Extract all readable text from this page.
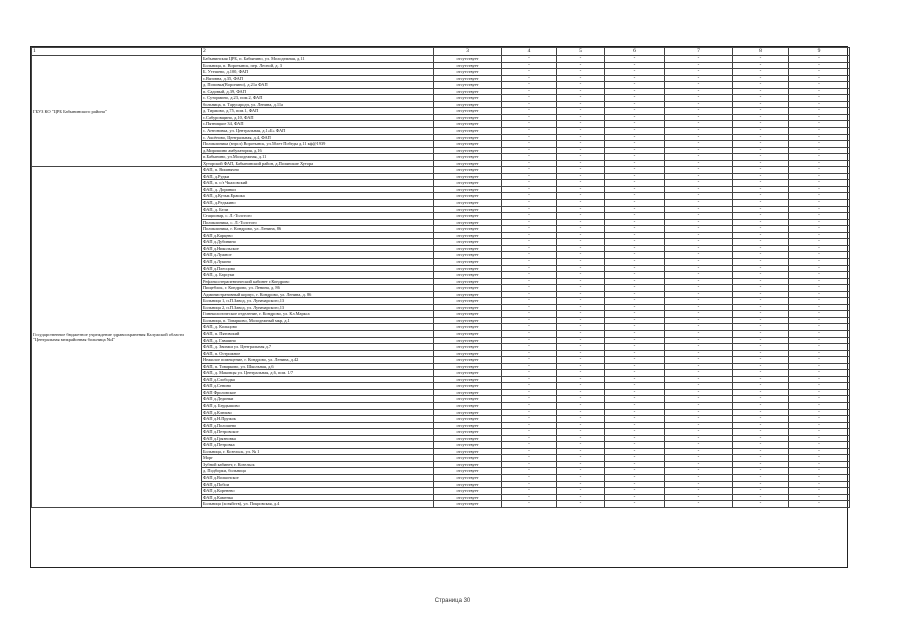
1	2	3	4	5	6	7	8	9
ГБУЗ КО "ЦРБ Бабынинского района"	Бабынинская ЦРБ, п. Бабынино, ул. Молодежная, д.11	отсутствует	-	-	-	-	-	-
	Больница, п. Воротынск, пер. Лесной, д. 3	отсутствует	-	-	-	-	-	-
	Б. Утешево, д.100, ФАП	отсутствует	-	-	-	-	-	-
	с.Вязовна, д.35, ФАП	отсутствует	-	-	-	-	-	-
	д. Поповка(Воронино), д.21а ФАП	отсутствует	-	-	-	-	-	-
	п. Садовый, д.39, ФАП	отсутствует	-	-	-	-	-	-
	с. Сутормино, д.23, пом.2, ФАП	отсутствует	-	-	-	-	-	-
	больница, п. Тарусародч, ул. Ленина, д.11а	отсутствует	-	-	-	-	-	-
	д. Тиржово, д.75, пом.1, ФАП	отсутствует	-	-	-	-	-	-
	с.Сабуровщино, д.10, ФАП	отсутствует	-	-	-	-	-	-
	с.Пятницкое 34, ФАП	отсутствует	-	-	-	-	-	-
	с. Антоновка, ул. Центральная, д.1«Б» ФАП	отсутствует	-	-	-	-	-	-
	с. Аксёново, Центральная, д.4, ФАП	отсутствует	-	-	-	-	-	-
	Поликлиника (взрсл) Воротынск, ул.50лет Победы д.11 кф@1939	отсутствует	-	-	-	-	-	-
	д.Мирошино амбулатория, д.16	отсутствует	-	-	-	-	-	-
	п.Бабынино, ул.Молодежная, д.11	отсутствует	-	-	-	-	-	-
	Хуторской ФАП, Бабынинский район, д.Полянские Хутора	отсутствует	-	-	-	-	-	-
Государственное бюджетное учреждение здравоохранения Калужской области "Центральная межрайонная больница №4"	ФАП, п. Вишнячно	отсутствует	-	-	-	-	-	-
	ФАП, д.Рудки	отсутствует	-	-	-	-	-	-
	ФАП, п. с/з Чкаловский	отсутствует	-	-	-	-	-	-
	ФАП, д. Доринки	отсутствует	-	-	-	-	-	-
	ФАП, д.Кузьм.Ерашка	отсутствует	-	-	-	-	-	-
	ФАП, д.Редькино	отсутствует	-	-	-	-	-	-
	ФАП, д. Бели	отсутствует	-	-	-	-	-	-
	Стационар, с. Л.-Толстого	отсутствует	-	-	-	-	-	-
	Поликлиника, с. Л.-Толстого	отсутствует	-	-	-	-	-	-
	Поликлиника, г. Кондрово, ул. Ленина, 86	отсутствует	-	-	-	-	-	-
	ФАП д.Карцево	отсутствует	-	-	-	-	-	-
	ФАП д.Дубинино	отсутствует	-	-	-	-	-	-
	ФАП д.Никольское	отсутствует	-	-	-	-	-	-
	ФАП д.Лужное	отсутствует	-	-	-	-	-	-
	ФАП д.Лукино	отсутствует	-	-	-	-	-	-
	ФАП д.Плесцово	отсутствует	-	-	-	-	-	-
	ФАП, д. Барсуки	отсутствует	-	-	-	-	-	-
	Рефлексотерапевтический кабинет г.Кондрово	отсутствует	-	-	-	-	-	-
	Пищеблок, г. Кондрово, ул. Ленина, д. 86	отсутствует	-	-	-	-	-	-
	Административный корпус, г. Кондрово, ул. Ленина, д. 86	отсутствует	-	-	-	-	-	-
	Больница 1, п.П.Завод, ул. Луначарского,13	отсутствует	-	-	-	-	-	-
	Больница 2, п.П.Завод, ул. Луначарского,13	отсутствует	-	-	-	-	-	-
	Гинекологическое отделение, г. Кондрово, ул. Кл.Маркса	отсутствует	-	-	-	-	-	-
	Больница, п. Товарково, Молодежный мкр, д.1	отсутствует	-	-	-	-	-	-
	ФАП, д. Кольцово	отсутствует	-	-	-	-	-	-
	ФАП, п. Пятовский	отсутствует	-	-	-	-	-	-
	ФАП, д. Гавшино	отсутствует	-	-	-	-	-	-
	ФАП, д. Звизжи ул. Центральная д.7	отсутствует	-	-	-	-	-	-
	ФАП, п. Острожное	отсутствует	-	-	-	-	-	-
	Нежилое помещение, г. Кондрово, ул. Ленина, д.42	отсутствует	-	-	-	-	-	-
	ФАП, п. Товарково, ул. Школьная, д.6	отсутствует	-	-	-	-	-	-
	ФАП, д. Маковцы ул. Центральная, д.6, пом. 1/7	отсутствует	-	-	-	-	-	-
	ФАП д.Слободка	отсутствует	-	-	-	-	-	-
	ФАП д.Сенино	отсутствует	-	-	-	-	-	-
	ФАП Фроловское	отсутствует	-	-	-	-	-	-
	ФАП д.Дединки	отсутствует	-	-	-	-	-	-
	ФАП д. Бердышово	отсутствует	-	-	-	-	-	-
	ФАП д.Клюкво	отсутствует	-	-	-	-	-	-
	ФАП д.Н.Пружок	отсутствует	-	-	-	-	-	-
	ФАП д.Полошево	отсутствует	-	-	-	-	-	-
	ФАП д.Петровское	отсутствует	-	-	-	-	-	-
	ФАП д.Грязновка	отсутствует	-	-	-	-	-	-
	ФАП д.Петровка	отсутствует	-	-	-	-	-	-
	Больница, г. Козельск, ул. № 1	отсутствует	-	-	-	-	-	-
	Морг	отсутствует	-	-	-	-	-	-
	Зубной кабинет, г. Козельск	отсутствует	-	-	-	-	-	-
	д. Подборки, больница	отсутствует	-	-	-	-	-	-
	ФАП д.Волконское	отсутствует	-	-	-	-	-	-
	ФАП д.Побои	отсутствует	-	-	-	-	-	-
	ФАП д.Коренево	отсутствует	-	-	-	-	-	-
	ФАП д.Каменка	отсутствует	-	-	-	-	-	-
	Больница (хозяйств), ул. Покровская, д.4	отсутствует	-	-	-	-	-	-
Страница 30
